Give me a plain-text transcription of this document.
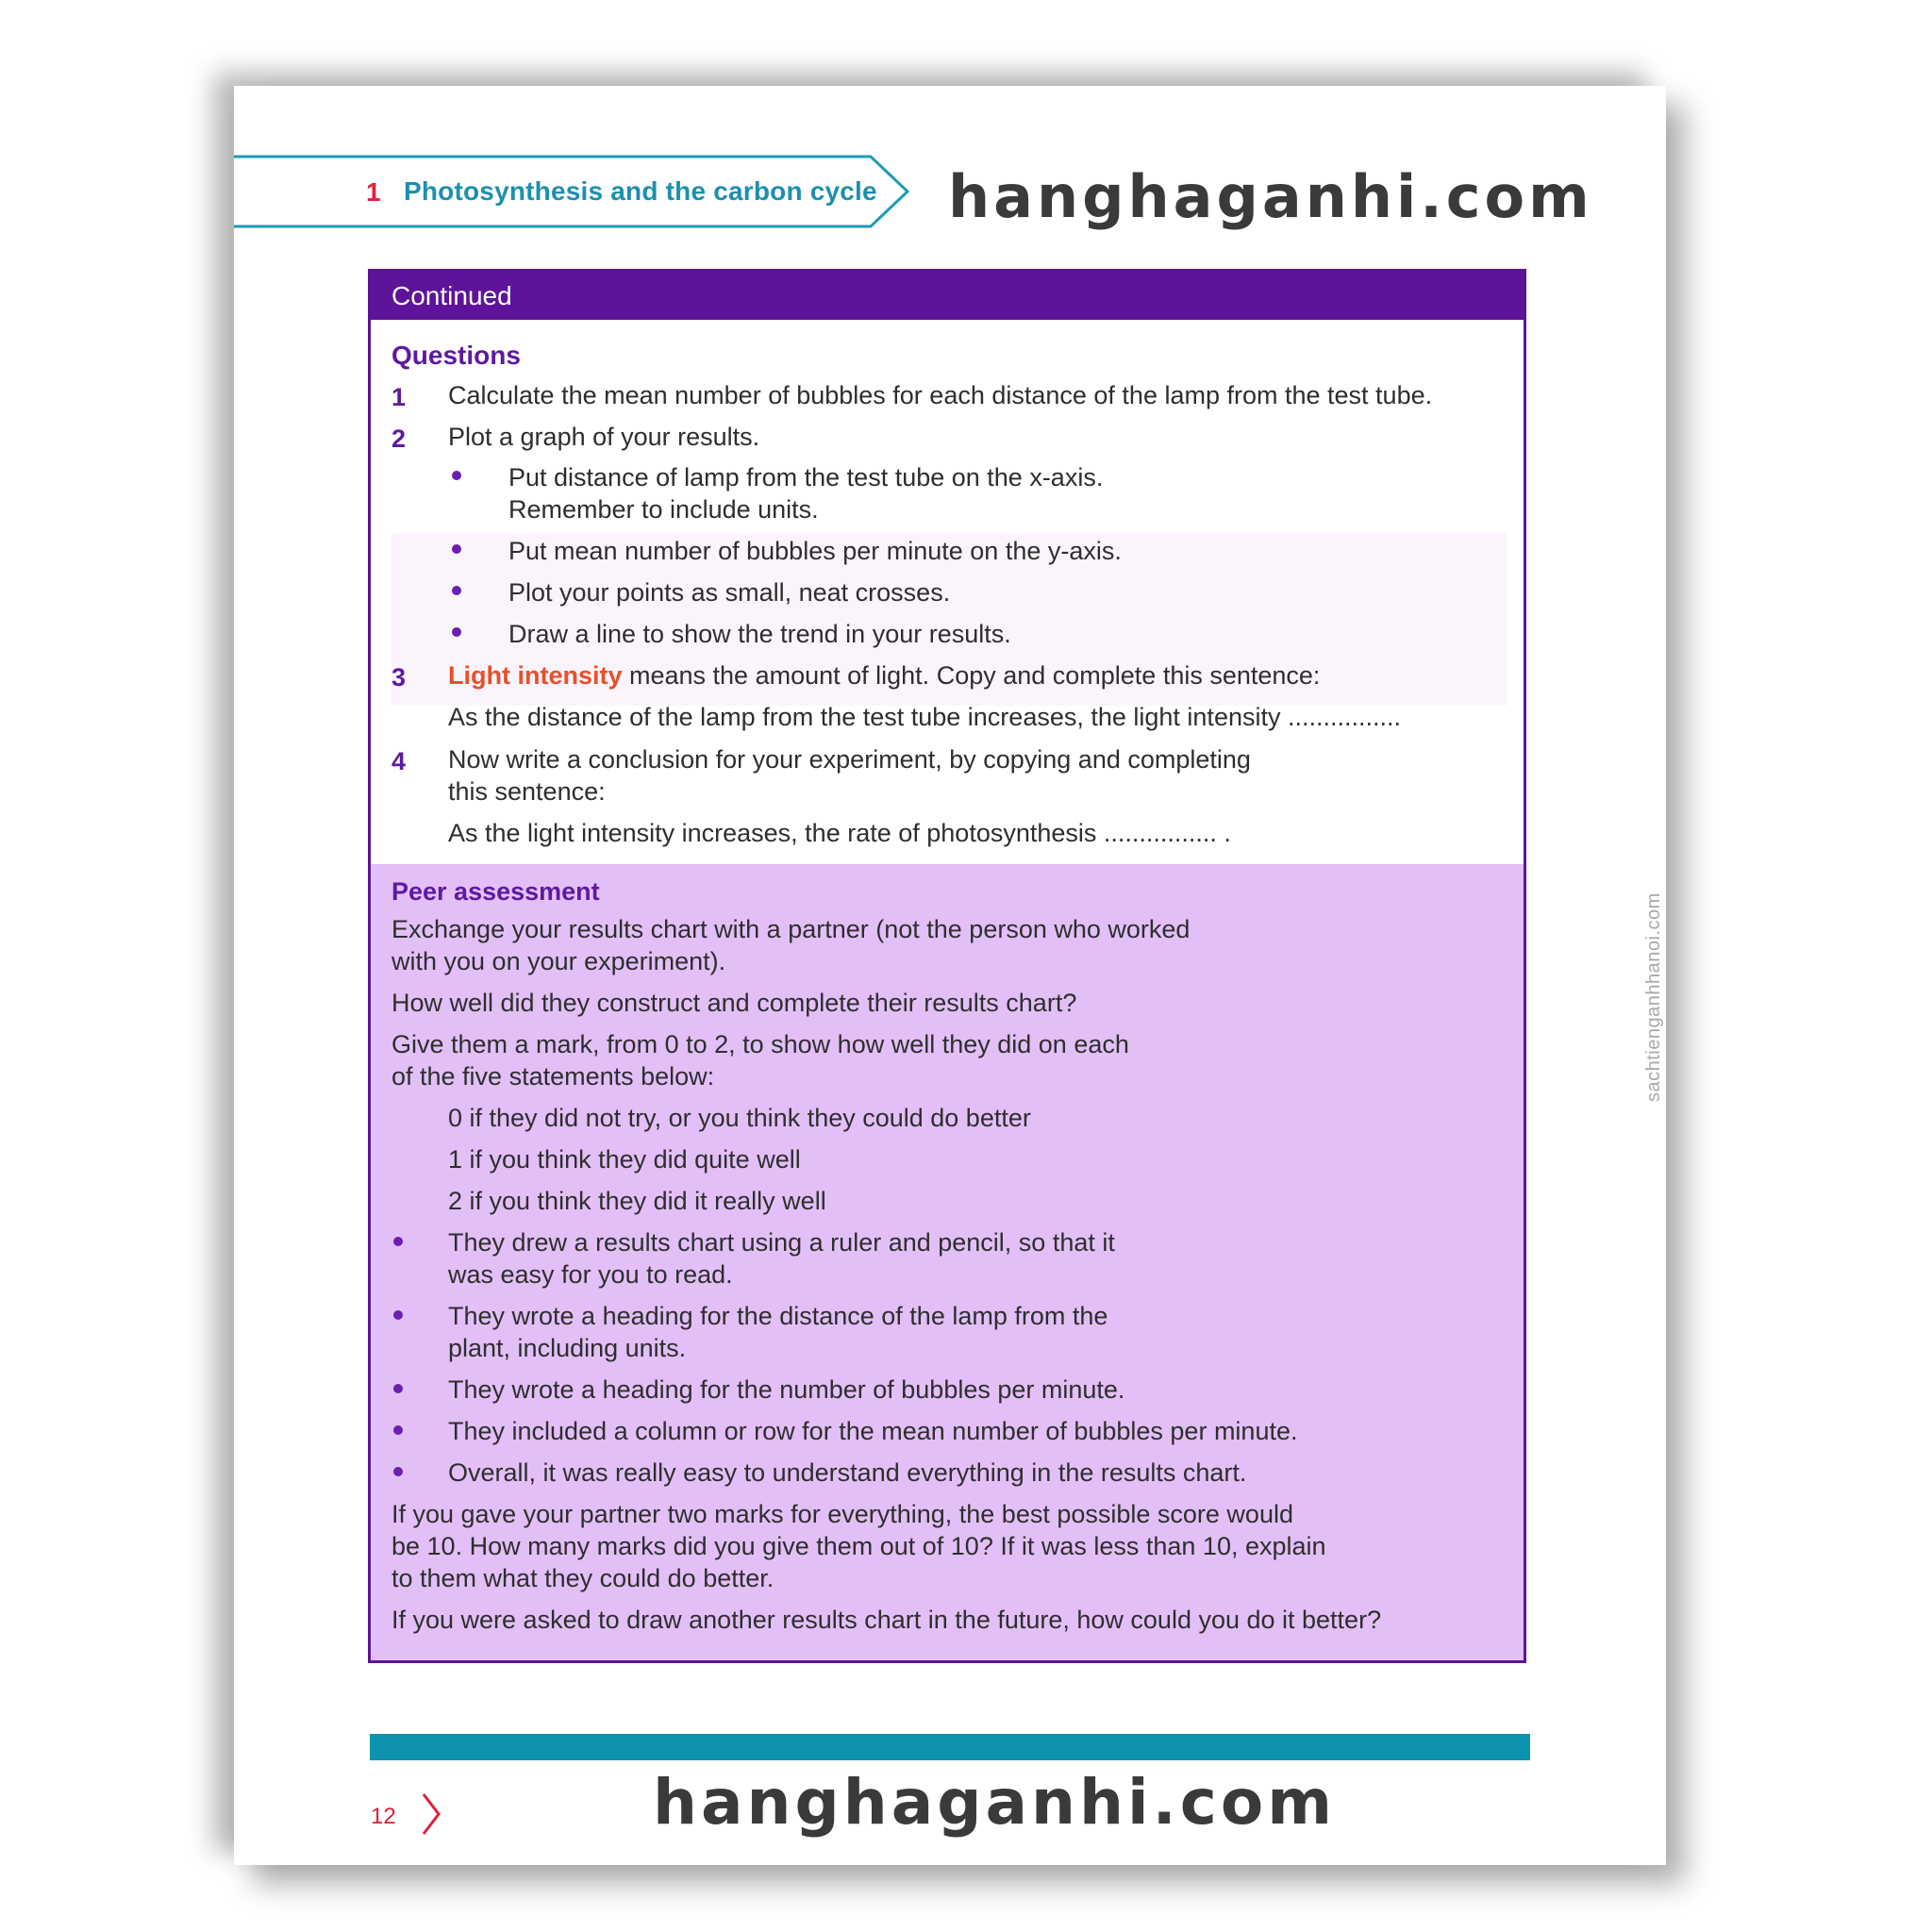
1 Photosynthesis and the carbon cycle hanghaganhi.com
Continued
Questions
1 Calculate the mean number of bubbles for each distance of the lamp from the test tube.
2 Plot a graph of your results.
Put distance of lamp from the test tube on the x-axis.
Remember to include units.
Put mean number of bubbles per minute on the y-axis.
Plot your points as small, neat crosses.
Draw a line to show the trend in your results.
3 Light intensity means the amount of light. Copy and complete this sentence:
As the distance of the lamp from the test tube increases, the light intensity ................
4 Now write a conclusion for your experiment, by copying and completing
this sentence:
As the light intensity increases, the rate of photosynthesis ................ .
Peer assessment
Exchange your results chart with a partner (not the person who worked
with you on your experiment).
How well did they construct and complete their results chart?
Give them a mark, from 0 to 2, to show how well they did on each
of the five statements below:
0 if they did not try, or you think they could do better
1 if you think they did quite well
2 if you think they did it really well
They drew a results chart using a ruler and pencil, so that it
was easy for you to read.
They wrote a heading for the distance of the lamp from the
plant, including units.
They wrote a heading for the number of bubbles per minute.
They included a column or row for the mean number of bubbles per minute.
Overall, it was really easy to understand everything in the results chart.
If you gave your partner two marks for everything, the best possible score would
be 10. How many marks did you give them out of 10? If it was less than 10, explain
to them what they could do better.
If you were asked to draw another results chart in the future, how could you do it better?
12	hanghaganhi.com
sachtienganhhanoi.com
